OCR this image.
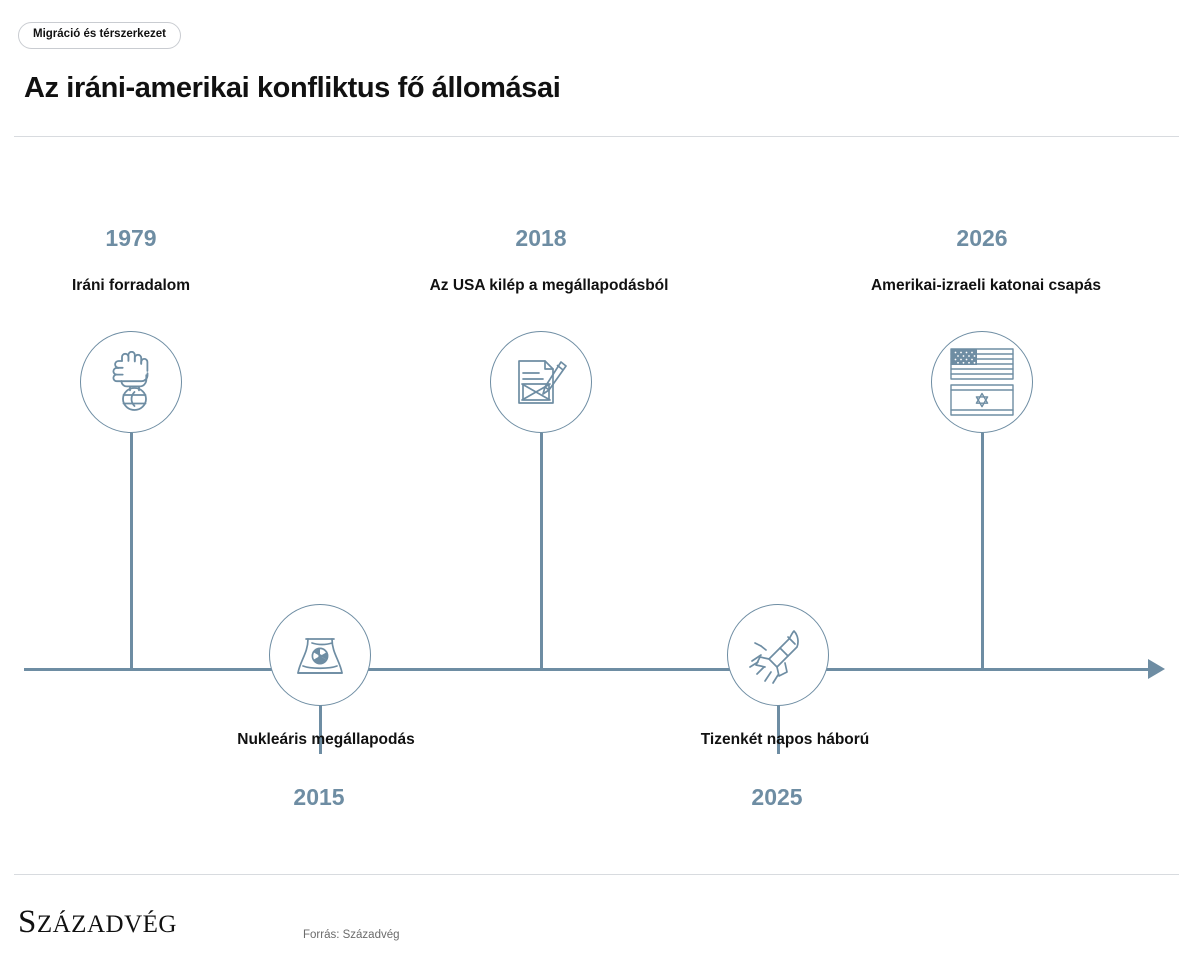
Migráció és térszerkezet
Az iráni-amerikai konfliktus fő állomásai
1979
Iráni forradalom
Nukleáris megállapodás
2015
2018
Az USA kilép a megállapodásból
Tizenkét napos háború
2025
2026
Amerikai-izraeli katonai csapás
SZÁZADVÉG	Forrás: Századvég
